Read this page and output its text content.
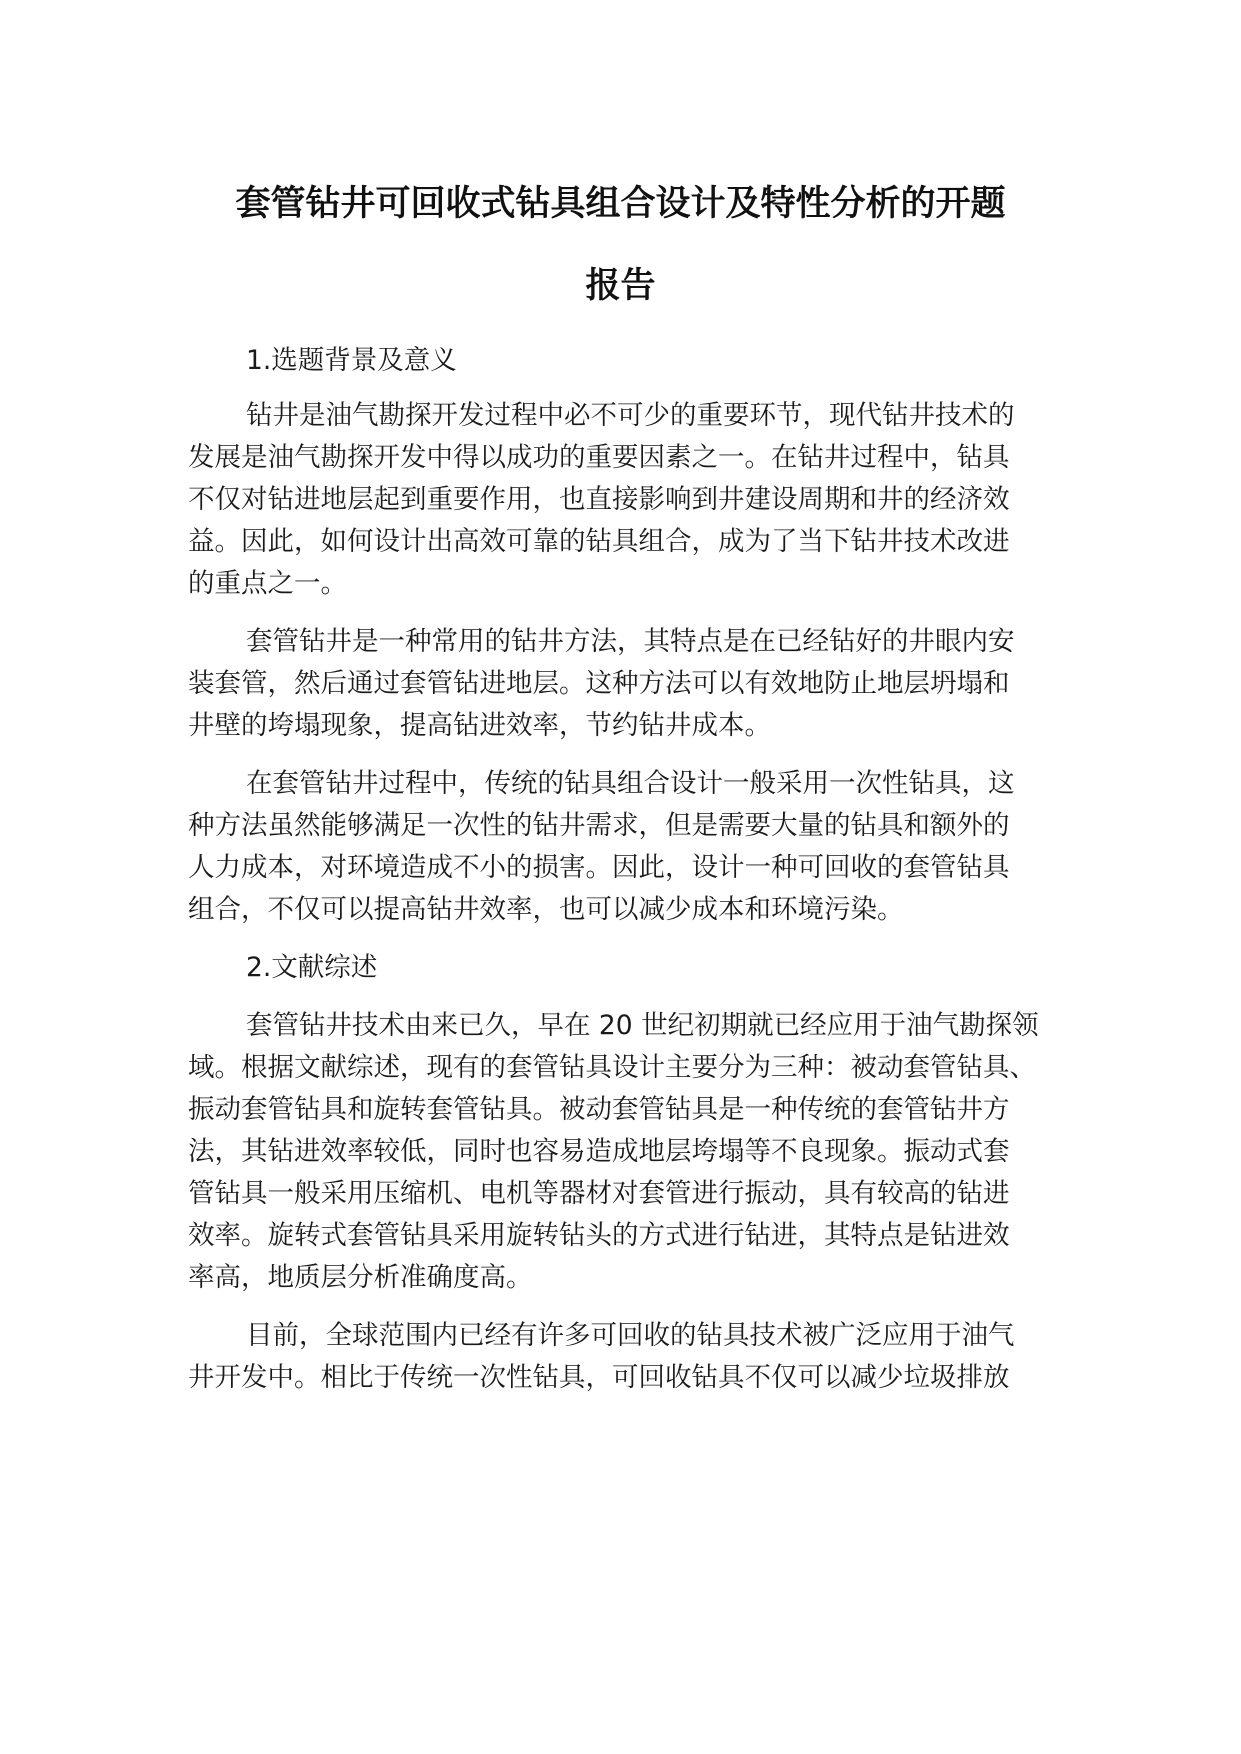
套管钻井可回收式钻具组合设计及特性分析的开题
报告

1.选题背景及意义

钻井是油气勘探开发过程中必不可少的重要环节，现代钻井技术的

发展是油气勘探开发中得以成功的重要因素之一。在钻井过程中，钻具

不仅对钻进地层起到重要作用，也直接影响到井建设周期和井的经济效

益。因此，如何设计出高效可靠的钻具组合，成为了当下钻井技术改进

的重点之一。

套管钻井是一种常用的钻井方法，其特点是在已经钻好的井眼内安

装套管，然后通过套管钻进地层。这种方法可以有效地防止地层坍塌和

井壁的垮塌现象，提高钻进效率，节约钻井成本。

在套管钻井过程中，传统的钻具组合设计一般采用一次性钻具，这

种方法虽然能够满足一次性的钻井需求，但是需要大量的钻具和额外的

人力成本，对环境造成不小的损害。因此，设计一种可回收的套管钻具

组合，不仅可以提高钻井效率，也可以减少成本和环境污染。

2.文献综述

套管钻井技术由来已久，早在 20 世纪初期就已经应用于油气勘探领

域。根据文献综述，现有的套管钻具设计主要分为三种：被动套管钻具、

振动套管钻具和旋转套管钻具。被动套管钻具是一种传统的套管钻井方

法，其钻进效率较低，同时也容易造成地层垮塌等不良现象。振动式套

管钻具一般采用压缩机、电机等器材对套管进行振动，具有较高的钻进

效率。旋转式套管钻具采用旋转钻头的方式进行钻进，其特点是钻进效

率高，地质层分析准确度高。

目前，全球范围内已经有许多可回收的钻具技术被广泛应用于油气

井开发中。相比于传统一次性钻具，可回收钻具不仅可以减少垃圾排放
